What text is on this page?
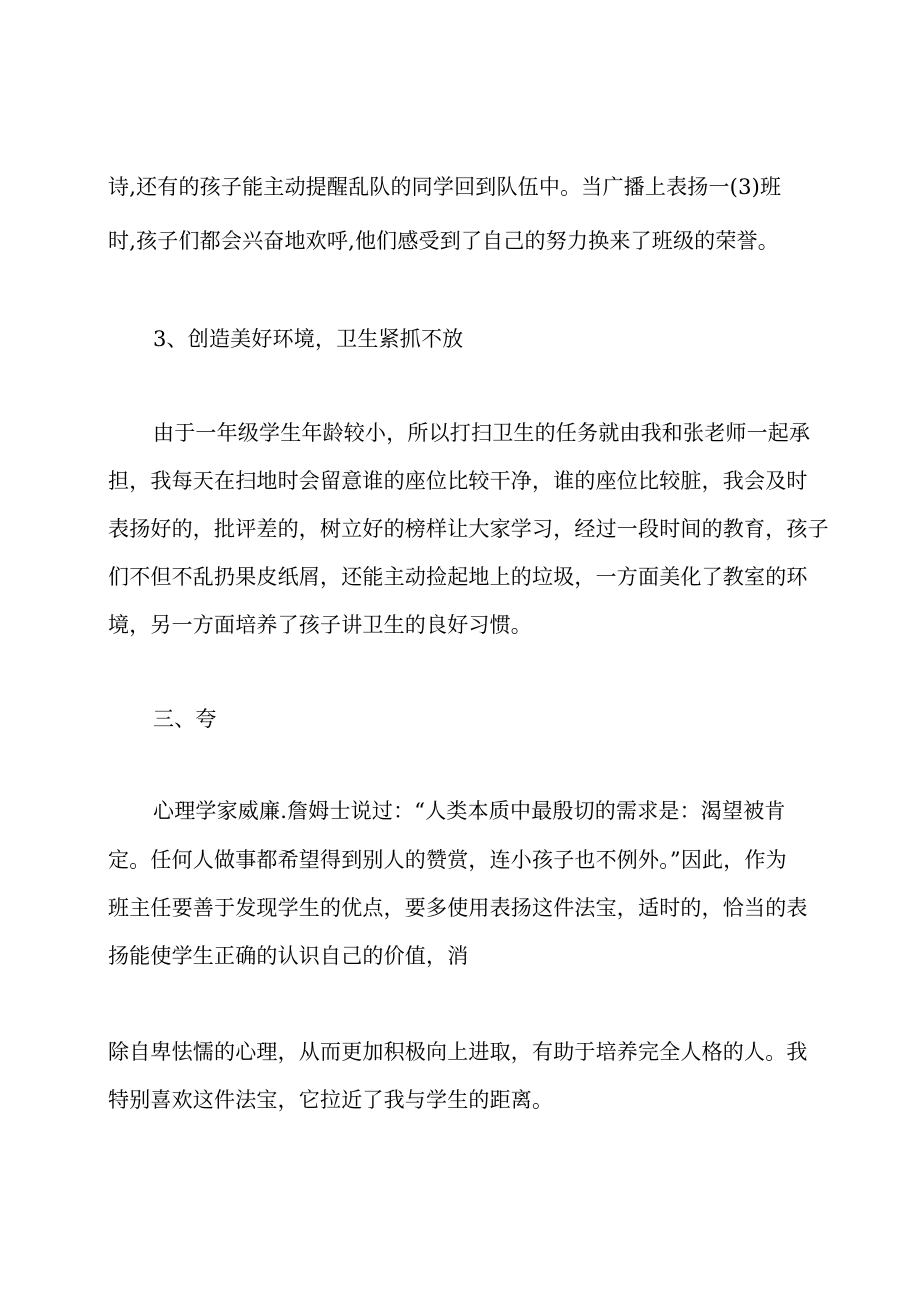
诗,还有的孩子能主动提醒乱队的同学回到队伍中。当广播上表扬一(3)班
时,孩子们都会兴奋地欢呼,他们感受到了自己的努力换来了班级的荣誉。
3、创造美好环境，卫生紧抓不放
由于一年级学生年龄较小，所以打扫卫生的任务就由我和张老师一起承
担，我每天在扫地时会留意谁的座位比较干净，谁的座位比较脏，我会及时
表扬好的，批评差的，树立好的榜样让大家学习，经过一段时间的教育，孩子
们不但不乱扔果皮纸屑，还能主动捡起地上的垃圾，一方面美化了教室的环
境，另一方面培养了孩子讲卫生的良好习惯。
三、夸
心理学家威廉.詹姆士说过：“人类本质中最殷切的需求是：渴望被肯
定。任何人做事都希望得到别人的赞赏，连小孩子也不例外。”因此，作为
班主任要善于发现学生的优点，要多使用表扬这件法宝，适时的，恰当的表
扬能使学生正确的认识自己的价值，消
除自卑怯懦的心理，从而更加积极向上进取，有助于培养完全人格的人。我
特别喜欢这件法宝，它拉近了我与学生的距离。
